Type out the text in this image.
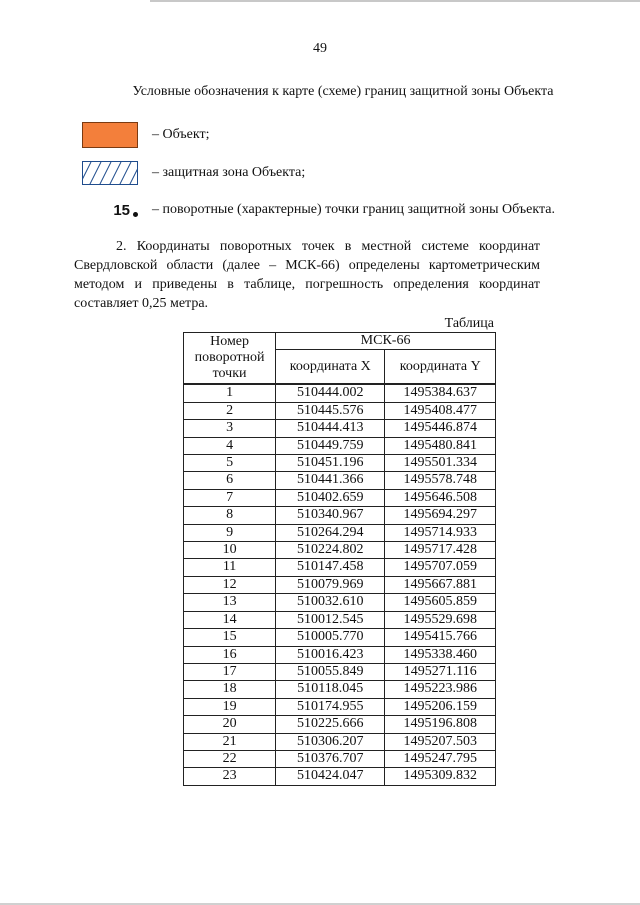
49
Условные обозначения к карте (схеме) границ защитной зоны Объекта
– Объект;
– защитная зона Объекта;
15 – поворотные (характерные) точки границ защитной зоны Объекта.
2. Координаты поворотных точек в местной системе координат Свердловской области (далее – МСК-66) определены картометрическим методом и приведены в таблице, погрешность определения координат составляет 0,25 метра.
Таблица
Номер поворотной точки	МСК-66	
	координата X	координата Y
1	510444.002	1495384.637
2	510445.576	1495408.477
3	510444.413	1495446.874
4	510449.759	1495480.841
5	510451.196	1495501.334
6	510441.366	1495578.748
7	510402.659	1495646.508
8	510340.967	1495694.297
9	510264.294	1495714.933
10	510224.802	1495717.428
11	510147.458	1495707.059
12	510079.969	1495667.881
13	510032.610	1495605.859
14	510012.545	1495529.698
15	510005.770	1495415.766
16	510016.423	1495338.460
17	510055.849	1495271.116
18	510118.045	1495223.986
19	510174.955	1495206.159
20	510225.666	1495196.808
21	510306.207	1495207.503
22	510376.707	1495247.795
23	510424.047	1495309.832
